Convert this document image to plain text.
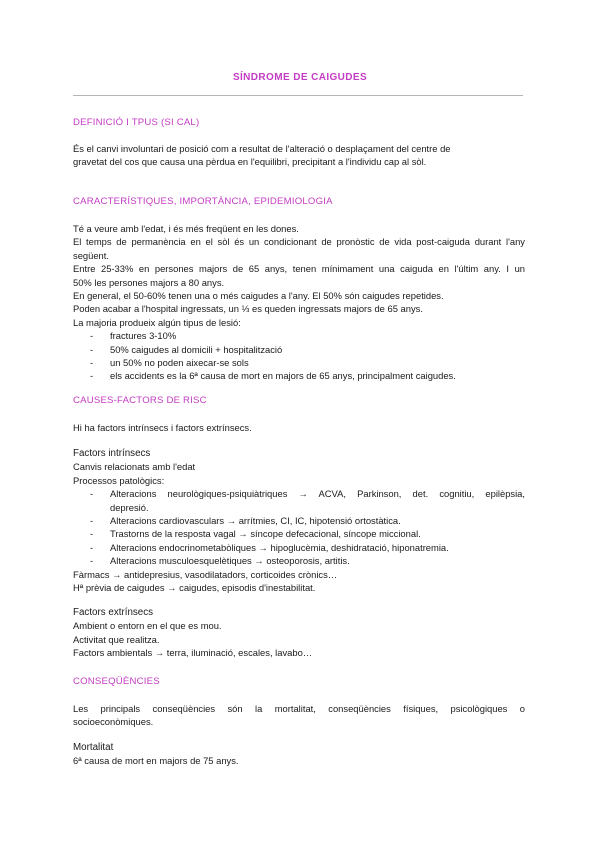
SÍNDROME DE CAIGUDES
DEFINICIÓ I TPUS (SI CAL)

És el canvi involuntari de posició com a resultat de l'alteració o desplaçament del centre de

gravetat del cos que causa una pèrdua en l'equilibri, precipitant a l'individu cap al sòl.

CARACTERÍSTIQUES, IMPORTÀNCIA, EPIDEMIOLOGIA

Té a veure amb l'edat, i és més freqüent en les dones.

El temps de permanència en el sòl és un condicionant de pronòstic de vida post-caiguda durant l'any

següent.

Entre 25-33% en persones majors de 65 anys, tenen mínimament una caiguda en l'últim any. I un

50% les persones majors a 80 anys.

En general, el 50-60% tenen una o més caigudes a l'any. El 50% són caigudes repetides.

Poden acabar a l'hospital ingressats, un ⅓ es queden ingressats majors de 65 anys.

La majoria produeix algún tipus de lesió:

- fractures 3-10%
- 50% caigudes al domicili + hospitalització
- un 50% no poden aixecar-se sols
- els accidents es la 6ª causa de mort en majors de 65 anys, principalment caigudes.
CAUSES-FACTORS DE RISC

Hi ha factors intrínsecs i factors extrínsecs.

Factors intrínsecs

Canvis relacionats amb l'edat

Processos patològics:

- Alteracions neurològiques-psiquiàtriques → ACVA, Parkinson, det. cognitiu, epilèpsia,
depresió.
- Alteracions cardiovasculars → arrítmies, CI, IC, hipotensió ortostàtica.
- Trastorns de la resposta vagal → síncope defecacional, síncope miccional.
- Alteracions endocrinometabòliques → hipoglucèmia, deshidratació, hiponatremia.
- Alteracions musculoesquelètiques → osteoporosis, artitis.

Fàrmacs → antidepresius, vasodilatadors, corticoides crònics…

Hª prèvia de caigudes → caigudes, episodis d'inestabilitat.

Factors extrínsecs

Ambient o entorn en el que es mou.

Activitat que realitza.

Factors ambientals → terra, iluminació, escales, lavabo…

CONSEQÜÈNCIES

Les principals conseqüències són la mortalitat, conseqüències físiques, psicològiques o

socioeconòmiques.

Mortalitat

6ª causa de mort en majors de 75 anys.
